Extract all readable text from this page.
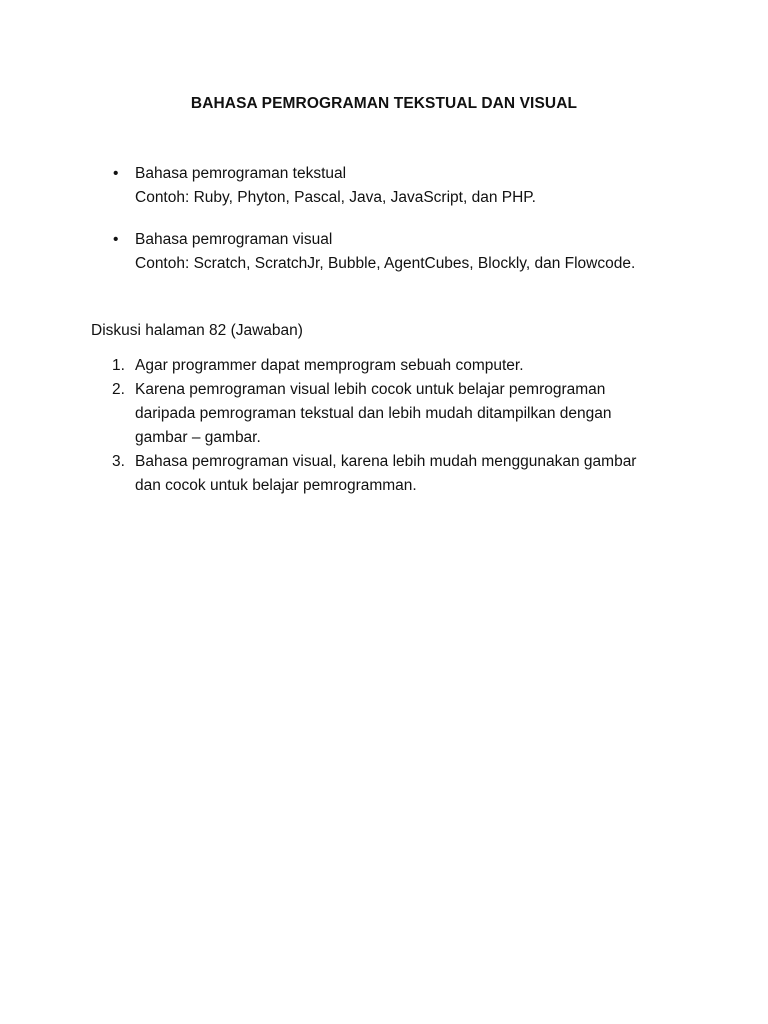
BAHASA PEMROGRAMAN TEKSTUAL DAN VISUAL
• Bahasa pemrograman tekstual
Contoh: Ruby, Phyton, Pascal, Java, JavaScript, dan PHP.
• Bahasa pemrograman visual
Contoh: Scratch, ScratchJr, Bubble, AgentCubes, Blockly, dan Flowcode.
Diskusi halaman 82 (Jawaban)
1. Agar programmer dapat memprogram sebuah computer.
2. Karena pemrograman visual lebih cocok untuk belajar pemrograman
daripada pemrograman tekstual dan lebih mudah ditampilkan dengan
gambar – gambar.
3. Bahasa pemrograman visual, karena lebih mudah menggunakan gambar
dan cocok untuk belajar pemrogramman.
